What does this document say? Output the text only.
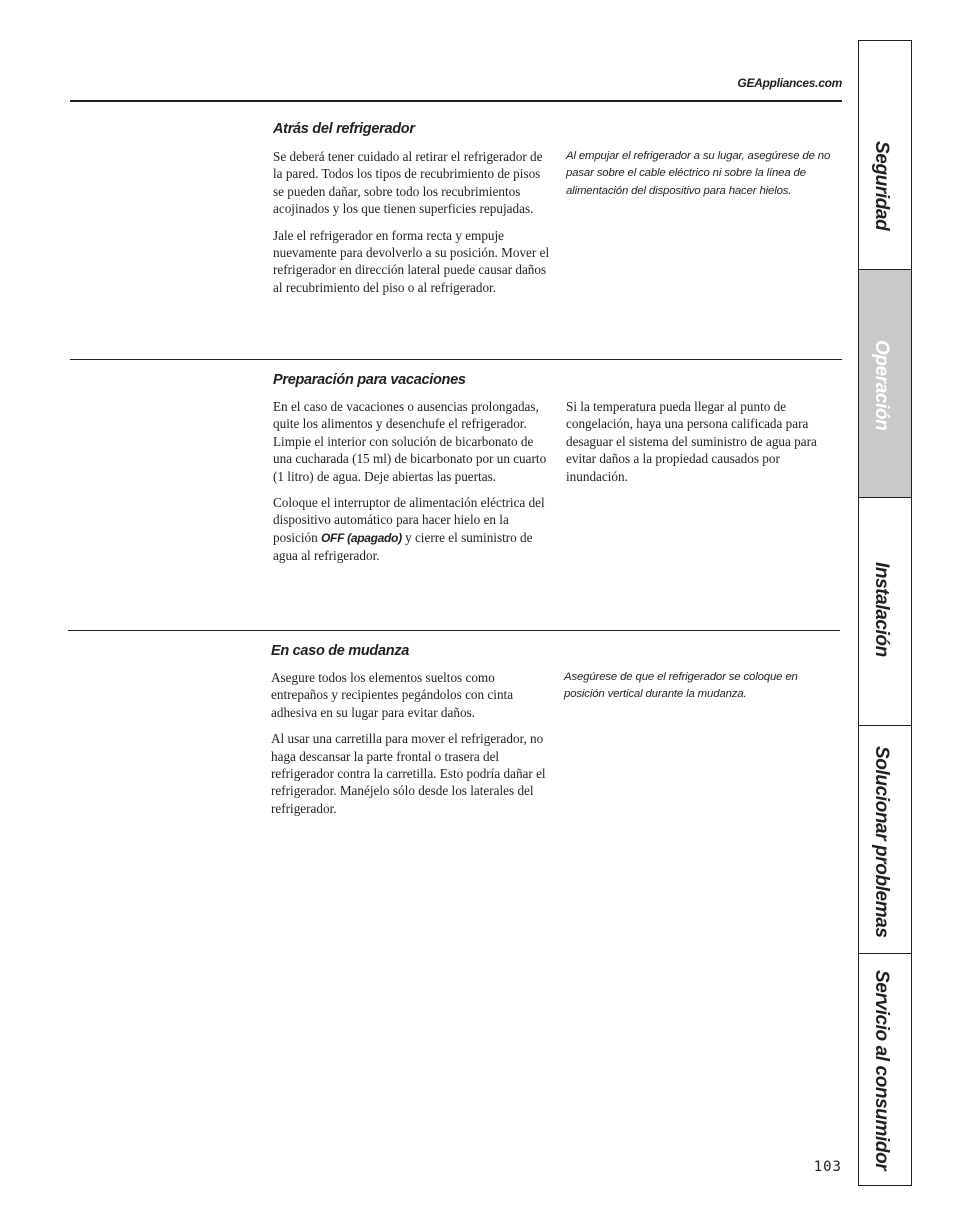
GEAppliances.com
Atrás del refrigerador

Se deberá tener cuidado al retirar el refrigerador de la pared. Todos los tipos de recubrimiento de pisos se pueden dañar, sobre todo los recubrimientos acojinados y los que tienen superficies repujadas.

Jale el refrigerador en forma recta y empuje nuevamente para devolverlo a su posición. Mover el refrigerador en dirección lateral puede causar daños al recubrimiento del piso o al refrigerador.

Al empujar el refrigerador a su lugar, asegúrese de no pasar sobre el cable eléctrico ni sobre la línea de alimentación del dispositivo para hacer hielos.
Preparación para vacaciones

En el caso de vacaciones o ausencias prolongadas, quite los alimentos y desenchufe el refrigerador. Limpie el interior con solución de bicarbonato de una cucharada (15 ml) de bicarbonato por un cuarto (1 litro) de agua. Deje abiertas las puertas.

Coloque el interruptor de alimentación eléctrica del dispositivo automático para hacer hielo en la posición OFF (apagado) y cierre el suministro de agua al refrigerador.

Si la temperatura pueda llegar al punto de congelación, haya una persona calificada para desaguar el sistema del suministro de agua para evitar daños a la propiedad causados por inundación.

En caso de mudanza

Asegure todos los elementos sueltos como entrepaños y recipientes pegándolos con cinta adhesiva en su lugar para evitar daños.

Al usar una carretilla para mover el refrigerador, no haga descansar la parte frontal o trasera del refrigerador contra la carretilla. Esto podría dañar el refrigerador. Manéjelo sólo desde los laterales del refrigerador.

Asegúrese de que el refrigerador se coloque en posición vertical durante la mudanza.
103
Seguridad
Operación
Instalación
Solucionar problemas
Servicio al consumidor
